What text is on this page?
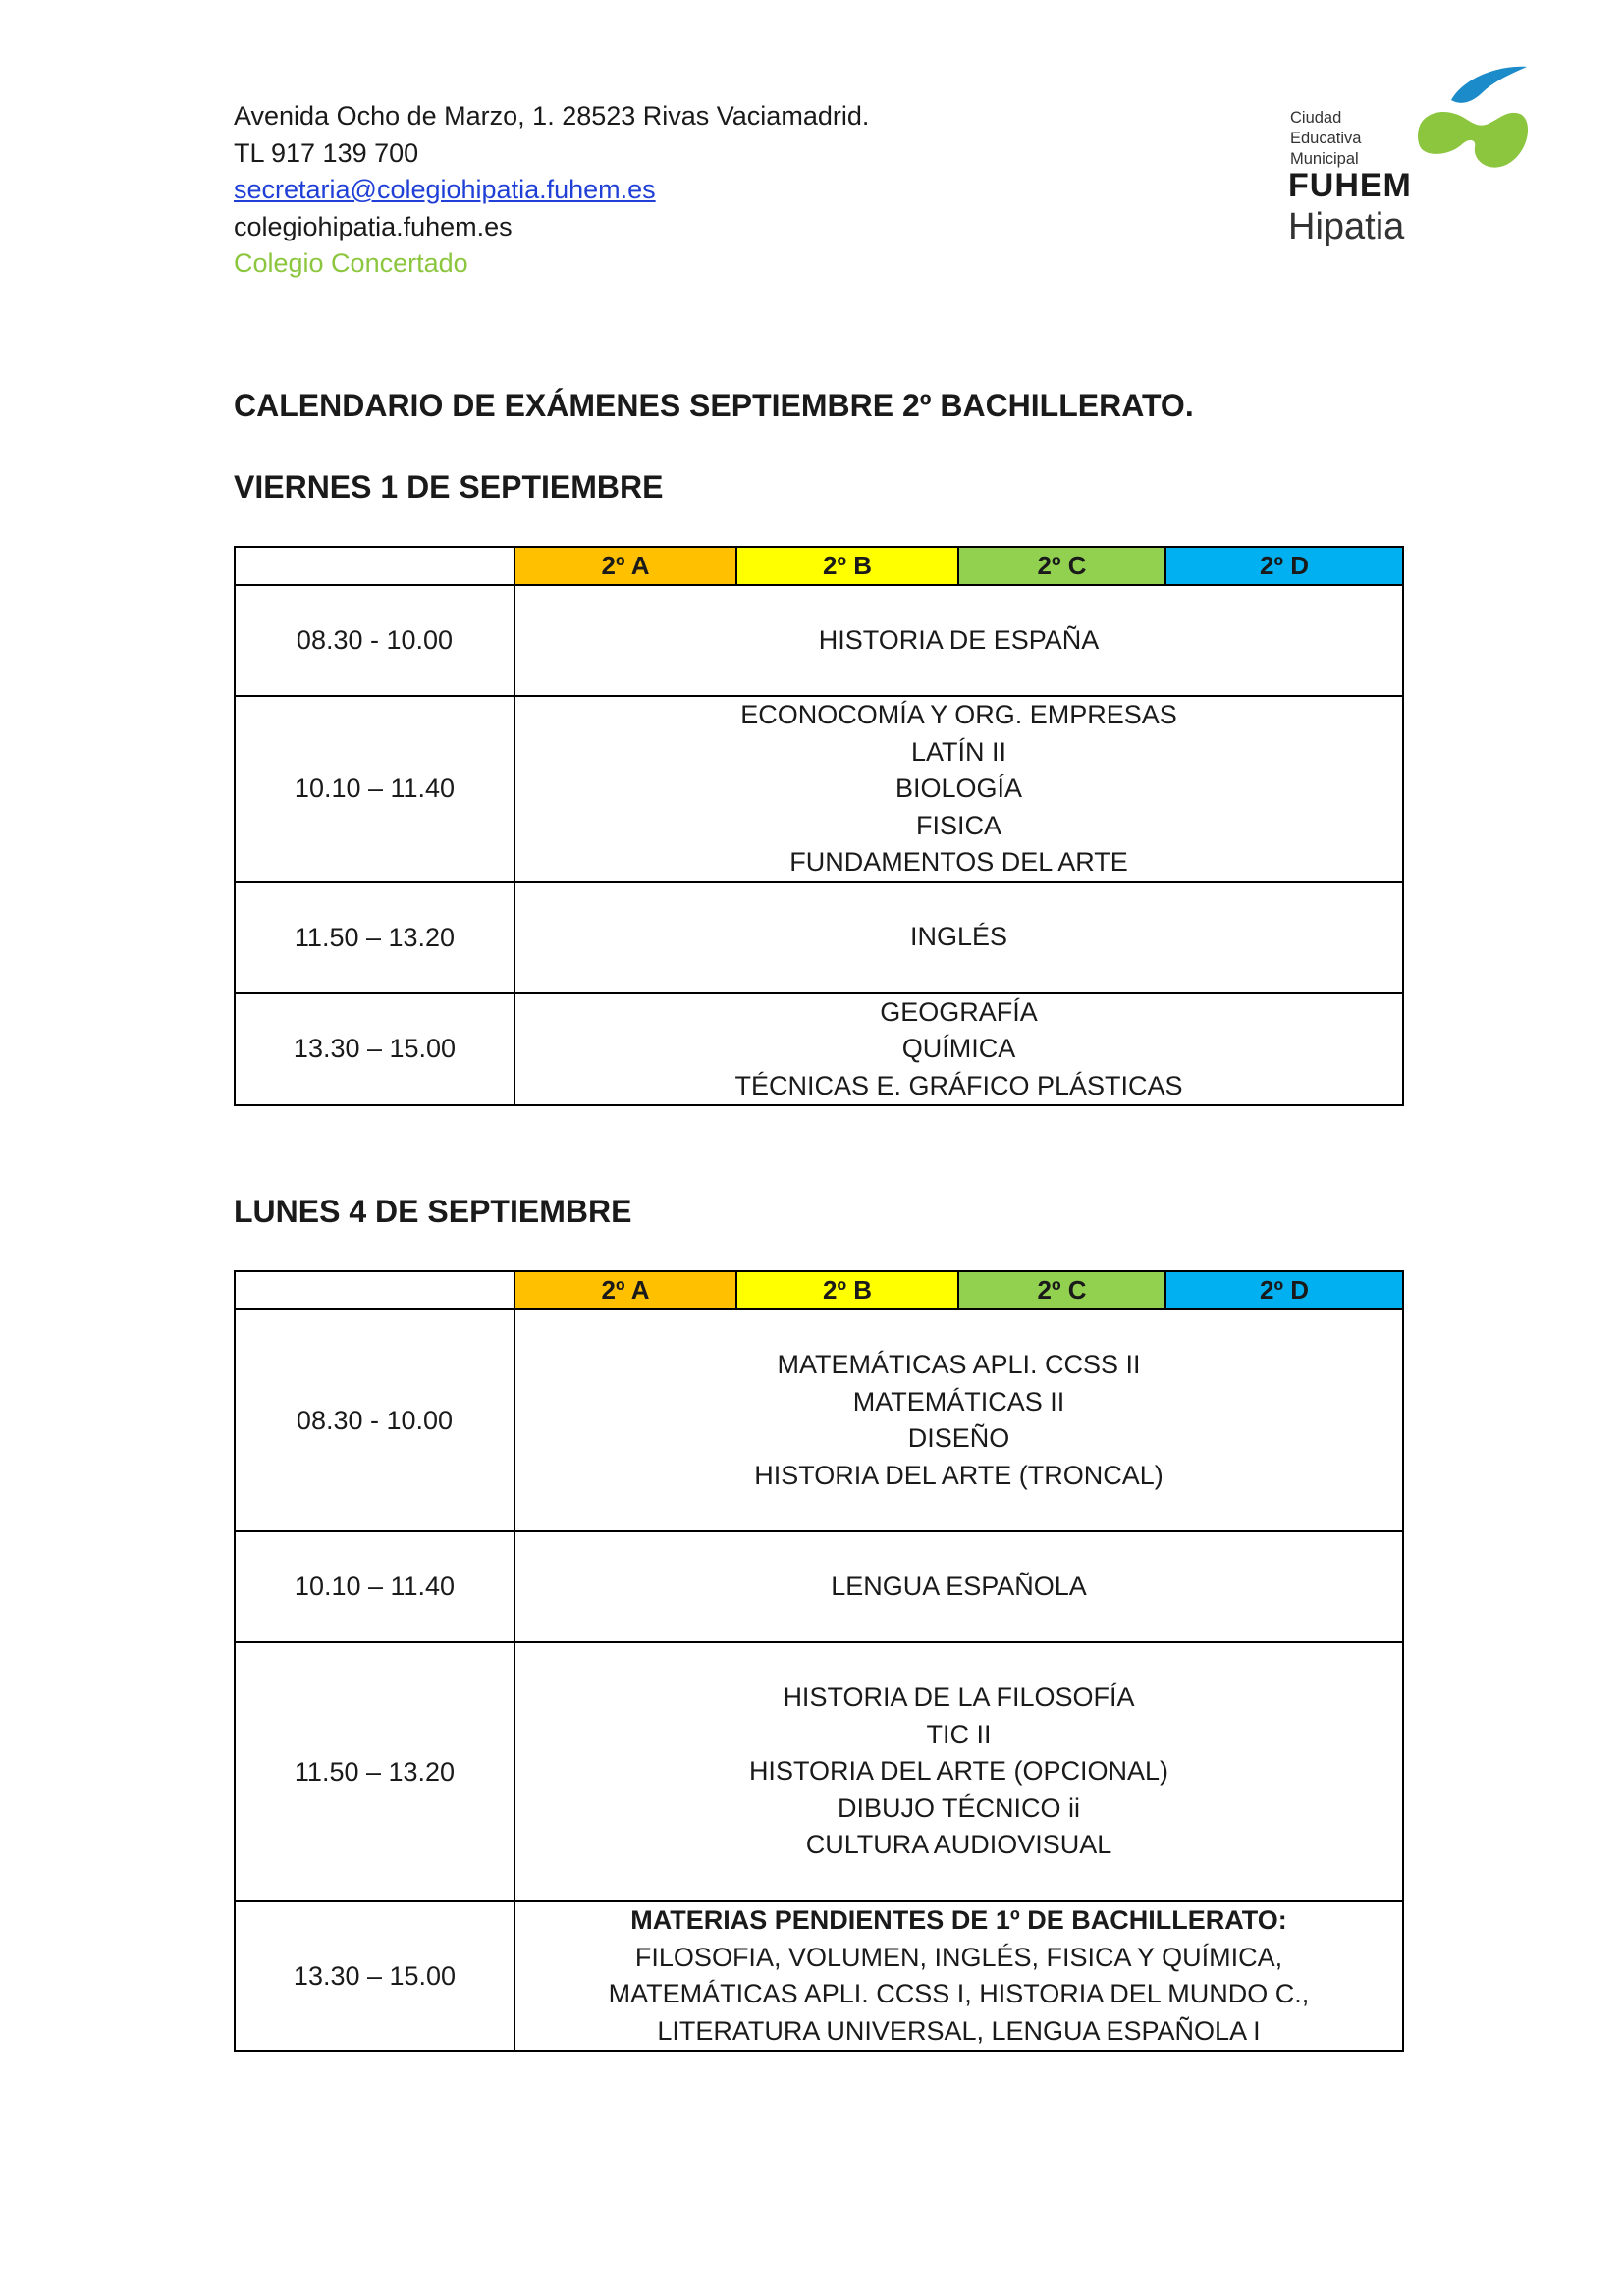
Avenida Ocho de Marzo, 1. 28523 Rivas Vaciamadrid.
TL 917 139 700
secretaria@colegiohipatia.fuhem.es
colegiohipatia.fuhem.es
Colegio Concertado
Ciudad
Educativa
Municipal
FUHEM
Hipatia
CALENDARIO DE EXÁMENES SEPTIEMBRE 2º BACHILLERATO.
VIERNES 1 DE SEPTIEMBRE
	2º A	2º B	2º C	2º D
08.30 - 10.00	HISTORIA DE ESPAÑA			

10.10 – 11.40	ECONOCOMÍA Y ORG. EMPRESAS
LATÍN II
BIOLOGÍA
FISICA
FUNDAMENTOS DEL ARTE			

11.50 – 13.20	INGLÉS			

13.30 – 15.00	GEOGRAFÍA
QUÍMICA
TÉCNICAS E. GRÁFICO PLÁSTICAS			
LUNES 4 DE SEPTIEMBRE
	2º A	2º B	2º C	2º D
08.30 - 10.00	MATEMÁTICAS APLI. CCSS II
MATEMÁTICAS II
DISEÑO
HISTORIA DEL ARTE (TRONCAL)			

10.10 – 11.40	LENGUA ESPAÑOLA			

11.50 – 13.20	HISTORIA DE LA FILOSOFÍA
TIC II
HISTORIA DEL ARTE (OPCIONAL)
DIBUJO TÉCNICO ii
CULTURA AUDIOVISUAL			

13.30 – 15.00	MATERIAS PENDIENTES DE 1º DE BACHILLERATO:
FILOSOFIA, VOLUMEN, INGLÉS, FISICA Y QUÍMICA,
MATEMÁTICAS APLI. CCSS I, HISTORIA DEL MUNDO C.,
LITERATURA UNIVERSAL, LENGUA ESPAÑOLA I			
